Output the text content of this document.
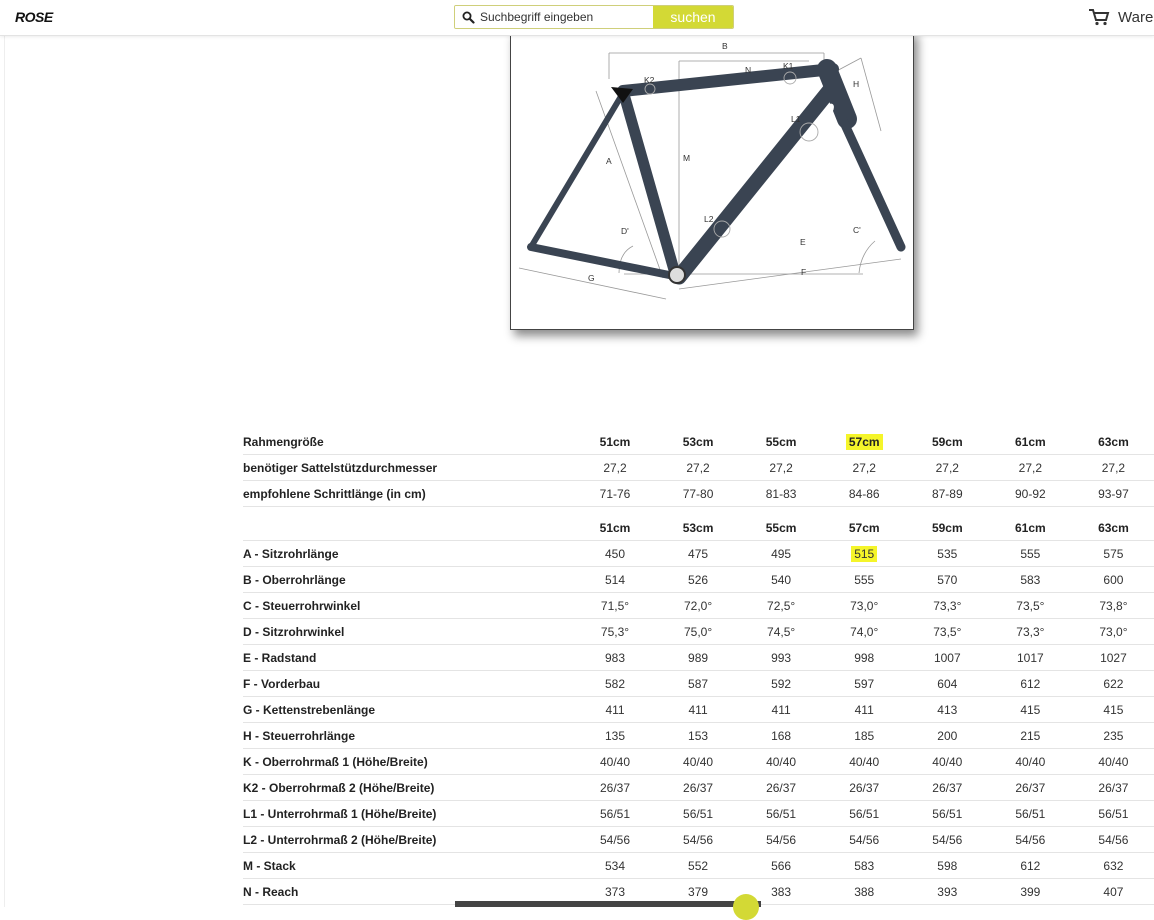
ROSE
Suchbegriff eingeben	suchen	Ware
B
N	K1
K2	H
L1
M
A
D'
L2
E
C'
F
G
Rahmengröße	51cm	53cm	55cm	57cm	59cm	61cm	63cm
benötiger Sattelstützdurchmesser	27,2	27,2	27,2	27,2	27,2	27,2	27,2
empfohlene Schrittlänge (in cm)	71-76	77-80	81-83	84-86	87-89	90-92	93-97

	51cm	53cm	55cm	57cm	59cm	61cm	63cm
A - Sitzrohrlänge	450	475	495	515	535	555	575
B - Oberrohrlänge	514	526	540	555	570	583	600
C - Steuerrohrwinkel	71,5°	72,0°	72,5°	73,0°	73,3°	73,5°	73,8°
D - Sitzrohrwinkel	75,3°	75,0°	74,5°	74,0°	73,5°	73,3°	73,0°
E - Radstand	983	989	993	998	1007	1017	1027
F - Vorderbau	582	587	592	597	604	612	622
G - Kettenstrebenlänge	411	411	411	411	413	415	415
H - Steuerrohrlänge	135	153	168	185	200	215	235
K - Oberrohrmaß 1 (Höhe/Breite)	40/40	40/40	40/40	40/40	40/40	40/40	40/40
K2 - Oberrohrmaß 2 (Höhe/Breite)	26/37	26/37	26/37	26/37	26/37	26/37	26/37
L1 - Unterrohrmaß 1 (Höhe/Breite)	56/51	56/51	56/51	56/51	56/51	56/51	56/51
L2 - Unterrohrmaß 2 (Höhe/Breite)	54/56	54/56	54/56	54/56	54/56	54/56	54/56
M - Stack	534	552	566	583	598	612	632
N - Reach	373	379	383	388	393	399	407
